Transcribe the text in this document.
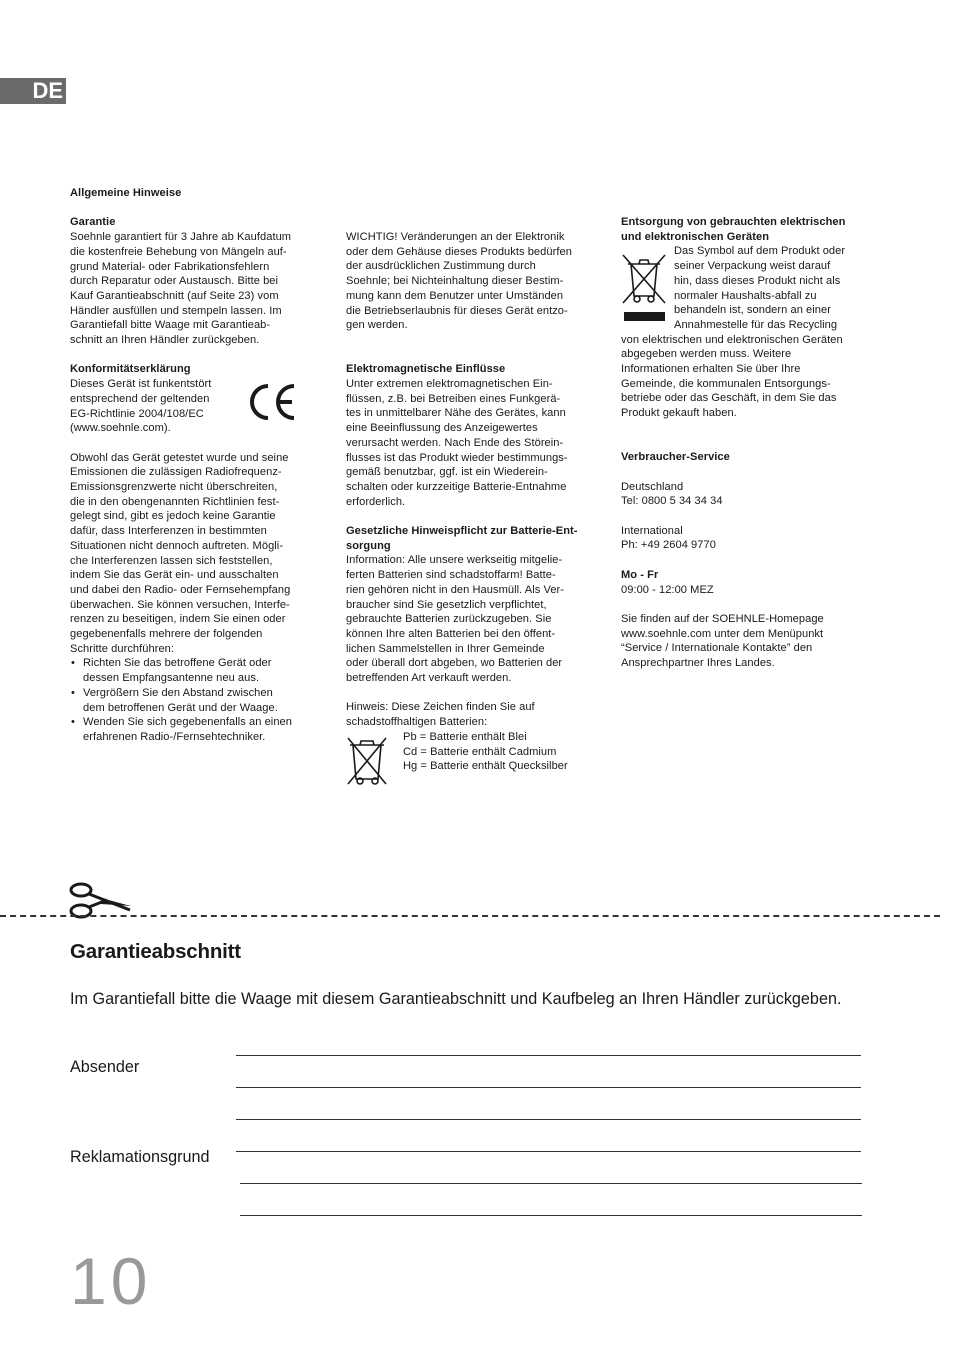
DE

Allgemeine Hinweise

Garantie

Soehnle garantiert für 3 Jahre ab Kaufdatum

die kostenfreie Behebung von Mängeln auf-

grund Material- oder Fabrikationsfehlern

durch Reparatur oder Austausch. Bitte bei

Kauf Garantieabschnitt (auf Seite 23) vom

Händler ausfüllen und stempeln lassen. Im

Garantiefall bitte Waage mit Garantieab-

schnitt an Ihren Händler zurückgeben.

Konformitätserklärung

Dieses Gerät ist funkentstört

entsprechend der geltenden

EG-Richtlinie 2004/108/EC

(www.soehnle.com).

Obwohl das Gerät getestet wurde und seine

Emissionen die zulässigen Radiofrequenz-

Emissionsgrenzwerte nicht überschreiten,

die in den obengenannten Richtlinien fest-

gelegt sind, gibt es jedoch keine Garantie

dafür, dass Interferenzen in bestimmten

Situationen nicht dennoch auftreten. Mögli-

che Interferenzen lassen sich feststellen,

indem Sie das Gerät ein- und ausschalten

und dabei den Radio- oder Fernsehempfang

überwachen. Sie können versuchen, Interfe-

renzen zu beseitigen, indem Sie einen oder

gegebenenfalls mehrere der folgenden

Schritte durchführen:

• Richten Sie das betroffene Gerät oder

dessen Empfangsantenne neu aus.

• Vergrößern Sie den Abstand zwischen

dem betroffenen Gerät und der Waage.

• Wenden Sie sich gegebenenfalls an einen

erfahrenen Radio-/Fernsehtechniker.

WICHTIG! Veränderungen an der Elektronik

oder dem Gehäuse dieses Produkts bedürfen

der ausdrücklichen Zustimmung durch

Soehnle; bei Nichteinhaltung dieser Bestim-

mung kann dem Benutzer unter Umständen

die Betriebserlaubnis für dieses Gerät entzo-

gen werden.

Elektromagnetische Einflüsse

Unter extremen elektromagnetischen Ein-

flüssen, z.B. bei Betreiben eines Funkgerä-

tes in unmittelbarer Nähe des Gerätes, kann

eine Beeinflussung des Anzeigewertes

verursacht werden. Nach Ende des Störein-

flusses ist das Produkt wieder bestimmungs-

gemäß benutzbar, ggf. ist ein Wiederein-

schalten oder kurzzeitige Batterie-Entnahme

erforderlich.

Gesetzliche Hinweispflicht zur Batterie-Ent-

sorgung

Information: Alle unsere werkseitig mitgelie-

ferten Batterien sind schadstoffarm! Batte-

rien gehören nicht in den Hausmüll. Als Ver-

braucher sind Sie gesetzlich verpflichtet,

gebrauchte Batterien zurückzugeben. Sie

können Ihre alten Batterien bei den öffent-

lichen Sammelstellen in Ihrer Gemeinde

oder überall dort abgeben, wo Batterien der

betreffenden Art verkauft werden.

Hinweis: Diese Zeichen finden Sie auf

schadstoffhaltigen Batterien:

Pb = Batterie enthält Blei

Cd = Batterie enthält Cadmium

Hg = Batterie enthält Quecksilber

Entsorgung von gebrauchten elektrischen

und elektronischen Geräten

Das Symbol auf dem Produkt oder

seiner Verpackung weist darauf

hin, dass dieses Produkt nicht als

normaler Haushalts-abfall zu

behandeln ist, sondern an einer

Annahmestelle für das Recycling

von elektrischen und elektronischen Geräten

abgegeben werden muss. Weitere

Informationen erhalten Sie über Ihre

Gemeinde, die kommunalen Entsorgungs-

betriebe oder das Geschäft, in dem Sie das

Produkt gekauft haben.

Verbraucher-Service

Deutschland

Tel: 0800 5 34 34 34

International

Ph: +49 2604 9770

Mo - Fr

09:00 - 12:00 MEZ

Sie finden auf der SOEHNLE-Homepage

www.soehnle.com unter dem Menüpunkt

“Service / Internationale Kontakte” den

Ansprechpartner Ihres Landes.

Garantieabschnitt
Im Garantiefall bitte die Waage mit diesem Garantieabschnitt und Kaufbeleg an Ihren Händler zurückgeben.
Absender
Reklamationsgrund
10
